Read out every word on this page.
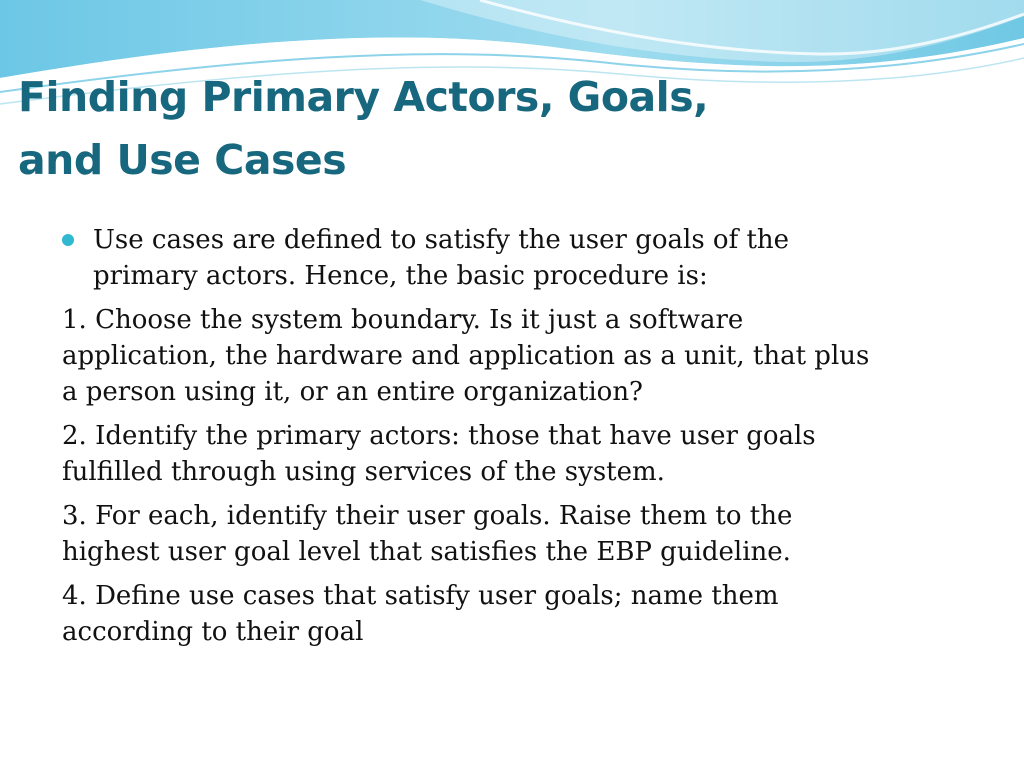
Finding Primary Actors, Goals,
and Use Cases
Use cases are defined to satisfy the user goals of the
primary actors. Hence, the basic procedure is:
1. Choose the system boundary. Is it just a software
application, the hardware and application as a unit, that plus
a person using it, or an entire organization?
2. Identify the primary actors: those that have user goals
fulfilled through using services of the system.
3. For each, identify their user goals. Raise them to the
highest user goal level that satisfies the EBP guideline.
4. Define use cases that satisfy user goals; name them
according to their goal
